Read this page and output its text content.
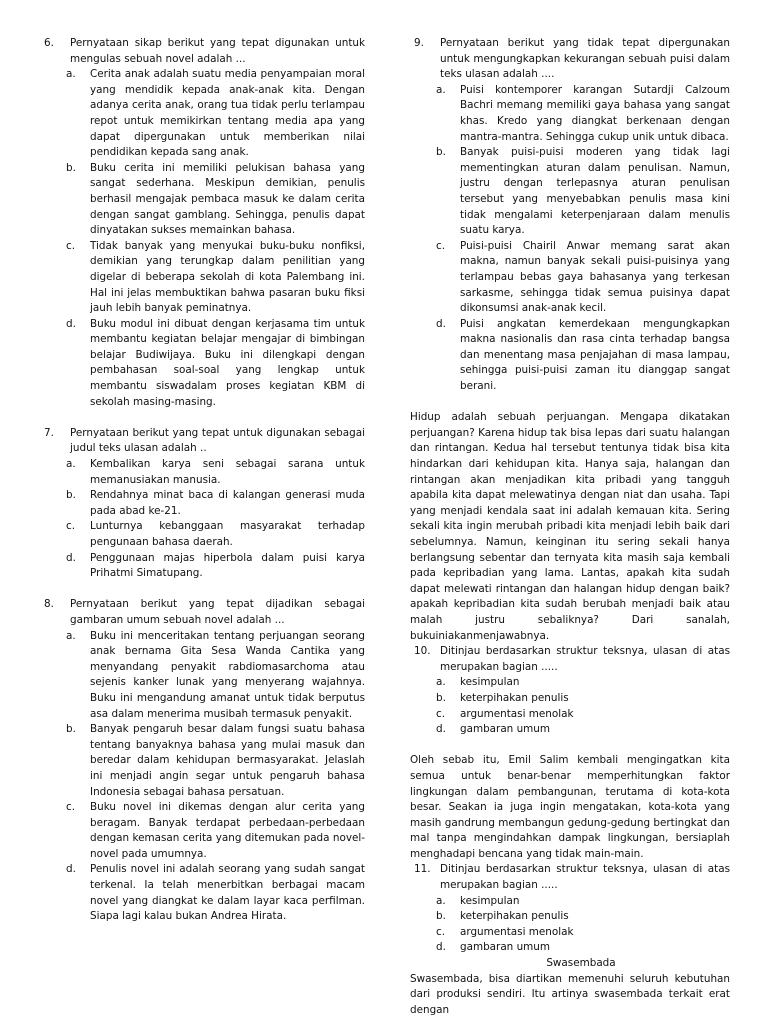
6. Pernyataan sikap berikut yang tepat digunakan untuk mengulas sebuah novel adalah ...
a. Cerita anak adalah suatu media penyampaian moral yang mendidik kepada anak-anak kita. Dengan adanya cerita anak, orang tua tidak perlu terlampau repot untuk memikirkan tentang media apa yang dapat dipergunakan untuk memberikan nilai pendidikan kepada sang anak.
b. Buku cerita ini memiliki pelukisan bahasa yang sangat sederhana. Meskipun demikian, penulis berhasil mengajak pembaca masuk ke dalam cerita dengan sangat gamblang. Sehingga, penulis dapat dinyatakan sukses memainkan bahasa.
c. Tidak banyak yang menyukai buku-buku nonfiksi, demikian yang terungkap dalam penilitian yang digelar di beberapa sekolah di kota Palembang ini. Hal ini jelas membuktikan bahwa pasaran buku fiksi jauh lebih banyak peminatnya.
d. Buku modul ini dibuat dengan kerjasama tim untuk membantu kegiatan belajar mengajar di bimbingan belajar Budiwijaya. Buku ini dilengkapi dengan pembahasan soal-soal yang lengkap untuk membantu siswadalam proses kegiatan KBM di sekolah masing-masing.
7. Pernyataan berikut yang tepat untuk digunakan sebagai judul teks ulasan adalah ..
a. Kembalikan karya seni sebagai sarana untuk memanusiakan manusia.
b. Rendahnya minat baca di kalangan generasi muda pada abad ke-21.
c. Lunturnya kebanggaan masyarakat terhadap pengunaan bahasa daerah.
d. Penggunaan majas hiperbola dalam puisi karya Prihatmi Simatupang.
8. Pernyataan berikut yang tepat dijadikan sebagai gambaran umum sebuah novel adalah ...
a. Buku ini menceritakan tentang perjuangan seorang anak bernama Gita Sesa Wanda Cantika yang menyandang penyakit rabdiomasarchoma atau sejenis kanker lunak yang menyerang wajahnya. Buku ini mengandung amanat untuk tidak berputus asa dalam menerima musibah termasuk penyakit.
b. Banyak pengaruh besar dalam fungsi suatu bahasa tentang banyaknya bahasa yang mulai masuk dan beredar dalam kehidupan bermasyarakat. Jelaslah ini menjadi angin segar untuk pengaruh bahasa Indonesia sebagai bahasa persatuan.
c. Buku novel ini dikemas dengan alur cerita yang beragam. Banyak terdapat perbedaan-perbedaan dengan kemasan cerita yang ditemukan pada novel-novel pada umumnya.
d. Penulis novel ini adalah seorang yang sudah sangat terkenal. Ia telah menerbitkan berbagai macam novel yang diangkat ke dalam layar kaca perfilman. Siapa lagi kalau bukan Andrea Hirata.
9. Pernyataan berikut yang tidak tepat dipergunakan untuk mengungkapkan kekurangan sebuah puisi dalam teks ulasan adalah ....
a. Puisi kontemporer karangan Sutardji Calzoum Bachri memang memiliki gaya bahasa yang sangat khas. Kredo yang diangkat berkenaan dengan mantra-mantra. Sehingga cukup unik untuk dibaca.
b. Banyak puisi-puisi moderen yang tidak lagi mementingkan aturan dalam penulisan. Namun, justru dengan terlepasnya aturan penulisan tersebut yang menyebabkan penulis masa kini tidak mengalami keterpenjaraan dalam menulis suatu karya.
c. Puisi-puisi Chairil Anwar memang sarat akan makna, namun banyak sekali puisi-puisinya yang terlampau bebas gaya bahasanya yang terkesan sarkasme, sehingga tidak semua puisinya dapat dikonsumsi anak-anak kecil.
d. Puisi angkatan kemerdekaan mengungkapkan makna nasionalis dan rasa cinta terhadap bangsa dan menentang masa penjajahan di masa lampau, sehingga puisi-puisi zaman itu dianggap sangat berani.
Hidup adalah sebuah perjuangan. Mengapa dikatakan perjuangan? Karena hidup tak bisa lepas dari suatu halangan dan rintangan. Kedua hal tersebut tentunya tidak bisa kita hindarkan dari kehidupan kita. Hanya saja, halangan dan rintangan akan menjadikan kita pribadi yang tangguh apabila kita dapat melewatinya dengan niat dan usaha. Tapi yang menjadi kendala saat ini adalah kemauan kita. Sering sekali kita ingin merubah pribadi kita menjadi lebih baik dari sebelumnya. Namun, keinginan itu sering sekali hanya berlangsung sebentar dan ternyata kita masih saja kembali pada kepribadian yang lama. Lantas, apakah kita sudah dapat melewati rintangan dan halangan hidup dengan baik? apakah kepribadian kita sudah berubah menjadi baik atau malah justru sebaliknya? Dari sanalah, bukuiniakanmenjawabnya.
10. Ditinjau berdasarkan struktur teksnya, ulasan di atas merupakan bagian .....
a. kesimpulan
b. keterpihakan penulis
c. argumentasi menolak
d. gambaran umum
Oleh sebab itu, Emil Salim kembali mengingatkan kita semua untuk benar-benar memperhitungkan faktor lingkungan dalam pembangunan, terutama di kota-kota besar. Seakan ia juga ingin mengatakan, kota-kota yang masih gandrung membangun gedung-gedung bertingkat dan mal tanpa mengindahkan dampak lingkungan, bersiaplah menghadapi bencana yang tidak main-main.
11. Ditinjau berdasarkan struktur teksnya, ulasan di atas merupakan bagian .....
a. kesimpulan
b. keterpihakan penulis
c. argumentasi menolak
d. gambaran umum
Swasembada
Swasembada, bisa diartikan memenuhi seluruh kebutuhan dari produksi sendiri. Itu artinya swasembada terkait erat dengan
